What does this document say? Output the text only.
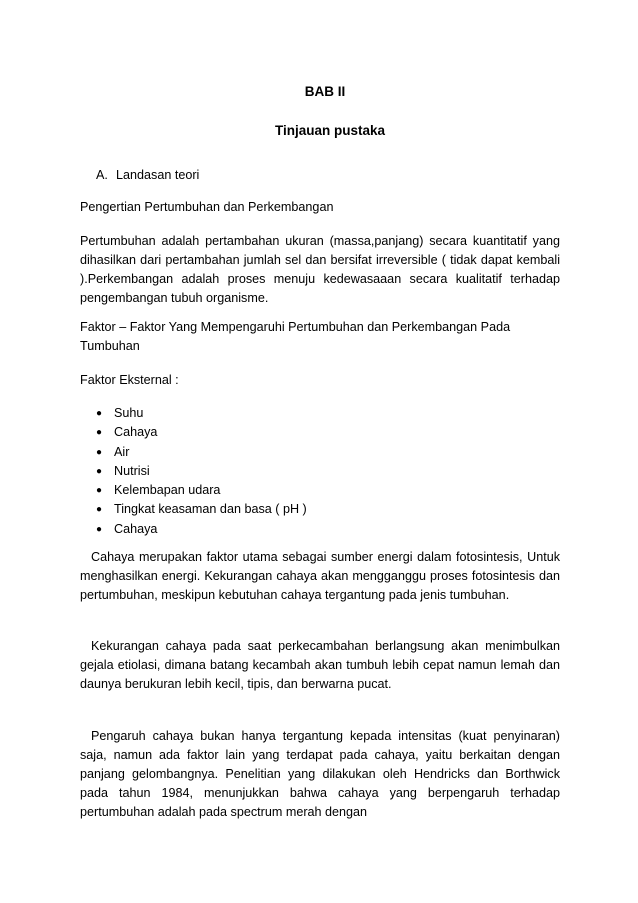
BAB II
Tinjauan pustaka
A. Landasan teori

Pengertian Pertumbuhan dan Perkembangan

Pertumbuhan adalah pertambahan ukuran (massa,panjang) secara kuantitatif yang dihasilkan dari pertambahan jumlah sel dan bersifat irreversible ( tidak dapat kembali ).Perkembangan adalah proses menuju kedewasaaan secara kualitatif terhadap pengembangan tubuh organisme.

Faktor – Faktor Yang Mempengaruhi Pertumbuhan dan Perkembangan Pada Tumbuhan

Faktor Eksternal :

● Suhu
● Cahaya
● Air
● Nutrisi
● Kelembapan udara
● Tingkat keasaman dan basa ( pH )
● Cahaya

Cahaya merupakan faktor utama sebagai sumber energi dalam fotosintesis, Untuk menghasilkan energi. Kekurangan cahaya akan mengganggu proses fotosintesis dan pertumbuhan, meskipun kebutuhan cahaya tergantung pada jenis tumbuhan.

Kekurangan cahaya pada saat perkecambahan berlangsung akan menimbulkan gejala etiolasi, dimana batang kecambah akan tumbuh lebih cepat namun lemah dan daunya berukuran lebih kecil, tipis, dan berwarna pucat.

Pengaruh cahaya bukan hanya tergantung kepada intensitas (kuat penyinaran) saja, namun ada faktor lain yang terdapat pada cahaya, yaitu berkaitan dengan panjang gelombangnya. Penelitian yang dilakukan oleh Hendricks dan Borthwick pada tahun 1984, menunjukkan bahwa cahaya yang berpengaruh terhadap pertumbuhan adalah pada spectrum merah dengan
